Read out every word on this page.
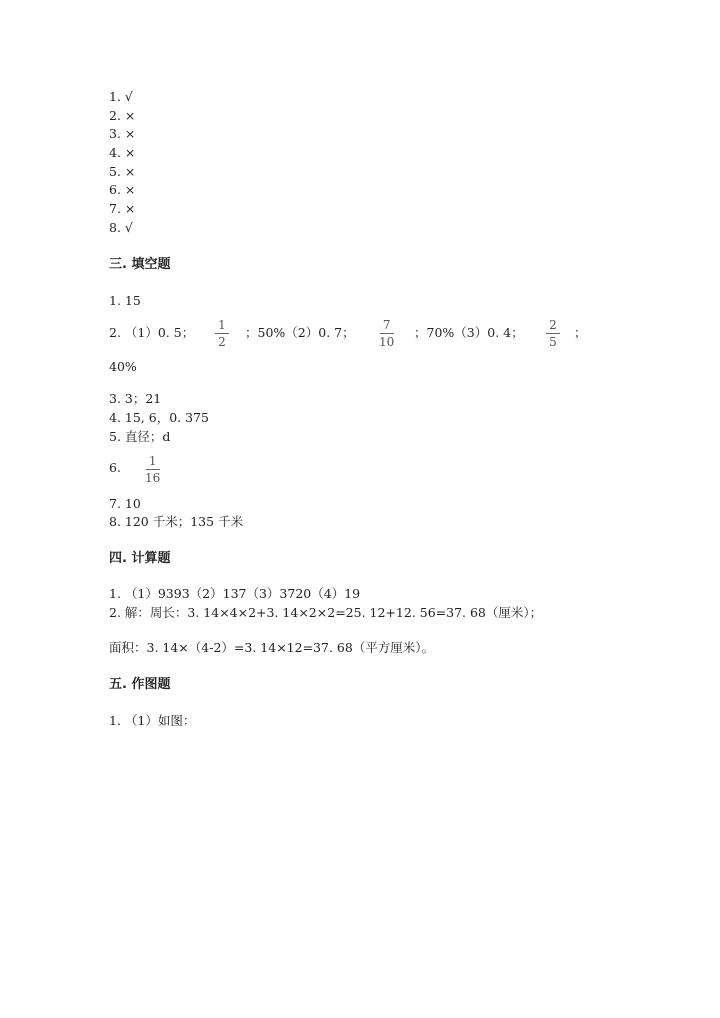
1. √
2. ×
3. ×
4. ×
5. ×
6. ×
7. ×
8. √
三. 填空题
1. 15
2. （1）0. 5； 1
2
；50%（2）0. 7； 7
10
；70%（3）0. 4； 2
5
；
40%
3. 3；21
4. 15, 6，0. 375
5. 直径；d
6. 1
16
7. 10
8. 120 千米；135 千米
四. 计算题
1. （1）9393（2）137（3）3720（4）19
2. 解：周长：3. 14×4×2+3. 14×2×2=25. 12+12. 56=37. 68（厘米）；
面积：3. 14×（4-2）=3. 14×12=37. 68（平方厘米）。
五. 作图题
1. （1）如图：
